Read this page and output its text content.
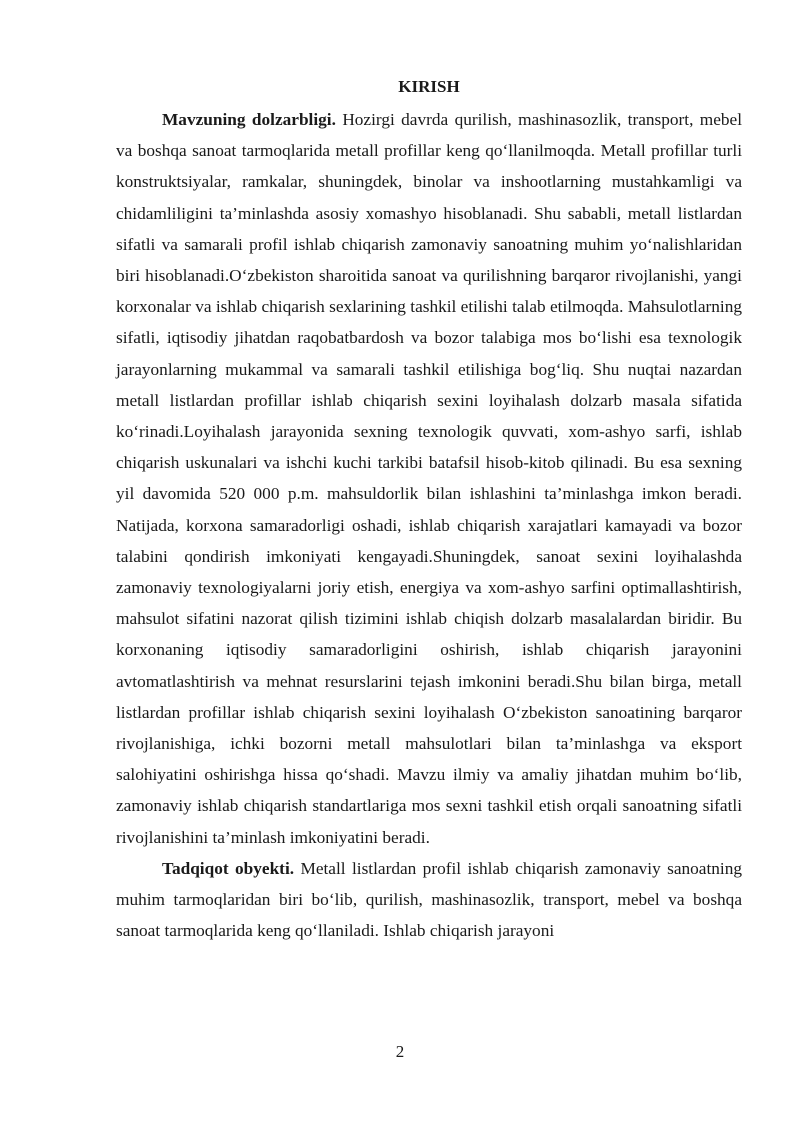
KIRISH

Mavzuning dolzarbligi. Hozirgi davrda qurilish, mashinasozlik, transport, mebel va boshqa sanoat tarmoqlarida metall profillar keng qo‘llanilmoqda. Metall profillar turli konstruktsiyalar, ramkalar, shuningdek, binolar va inshootlarning mustahkamligi va chidamliligini ta’minlashda asosiy xomashyo hisoblanadi. Shu sababli, metall listlardan sifatli va samarali profil ishlab chiqarish zamonaviy sanoatning muhim yo‘nalishlaridan biri hisoblanadi.O‘zbekiston sharoitida sanoat va qurilishning barqaror rivojlanishi, yangi korxonalar va ishlab chiqarish sexlarining tashkil etilishi talab etilmoqda. Mahsulotlarning sifatli, iqtisodiy jihatdan raqobatbardosh va bozor talabiga mos bo‘lishi esa texnologik jarayonlarning mukammal va samarali tashkil etilishiga bog‘liq. Shu nuqtai nazardan metall listlardan profillar ishlab chiqarish sexini loyihalash dolzarb masala sifatida ko‘rinadi.Loyihalash jarayonida sexning texnologik quvvati, xom-ashyo sarfi, ishlab chiqarish uskunalari va ishchi kuchi tarkibi batafsil hisob-kitob qilinadi. Bu esa sexning yil davomida 520 000 p.m. mahsuldorlik bilan ishlashini ta’minlashga imkon beradi. Natijada, korxona samaradorligi oshadi, ishlab chiqarish xarajatlari kamayadi va bozor talabini qondirish imkoniyati kengayadi.Shuningdek, sanoat sexini loyihalashda zamonaviy texnologiyalarni joriy etish, energiya va xom-ashyo sarfini optimallashtirish, mahsulot sifatini nazorat qilish tizimini ishlab chiqish dolzarb masalalardan biridir. Bu korxonaning iqtisodiy samaradorligini oshirish, ishlab chiqarish jarayonini avtomatlashtirish va mehnat resurslarini tejash imkonini beradi.Shu bilan birga, metall listlardan profillar ishlab chiqarish sexini loyihalash O‘zbekiston sanoatining barqaror rivojlanishiga, ichki bozorni metall mahsulotlari bilan ta’minlashga va eksport salohiyatini oshirishga hissa qo‘shadi. Mavzu ilmiy va amaliy jihatdan muhim bo‘lib, zamonaviy ishlab chiqarish standartlariga mos sexni tashkil etish orqali sanoatning sifatli rivojlanishini ta’minlash imkoniyatini beradi.

Tadqiqot obyekti. Metall listlardan profil ishlab chiqarish zamonaviy sanoatning muhim tarmoqlaridan biri bo‘lib, qurilish, mashinasozlik, transport, mebel va boshqa sanoat tarmoqlarida keng qo‘llaniladi. Ishlab chiqarish jarayoni

2
